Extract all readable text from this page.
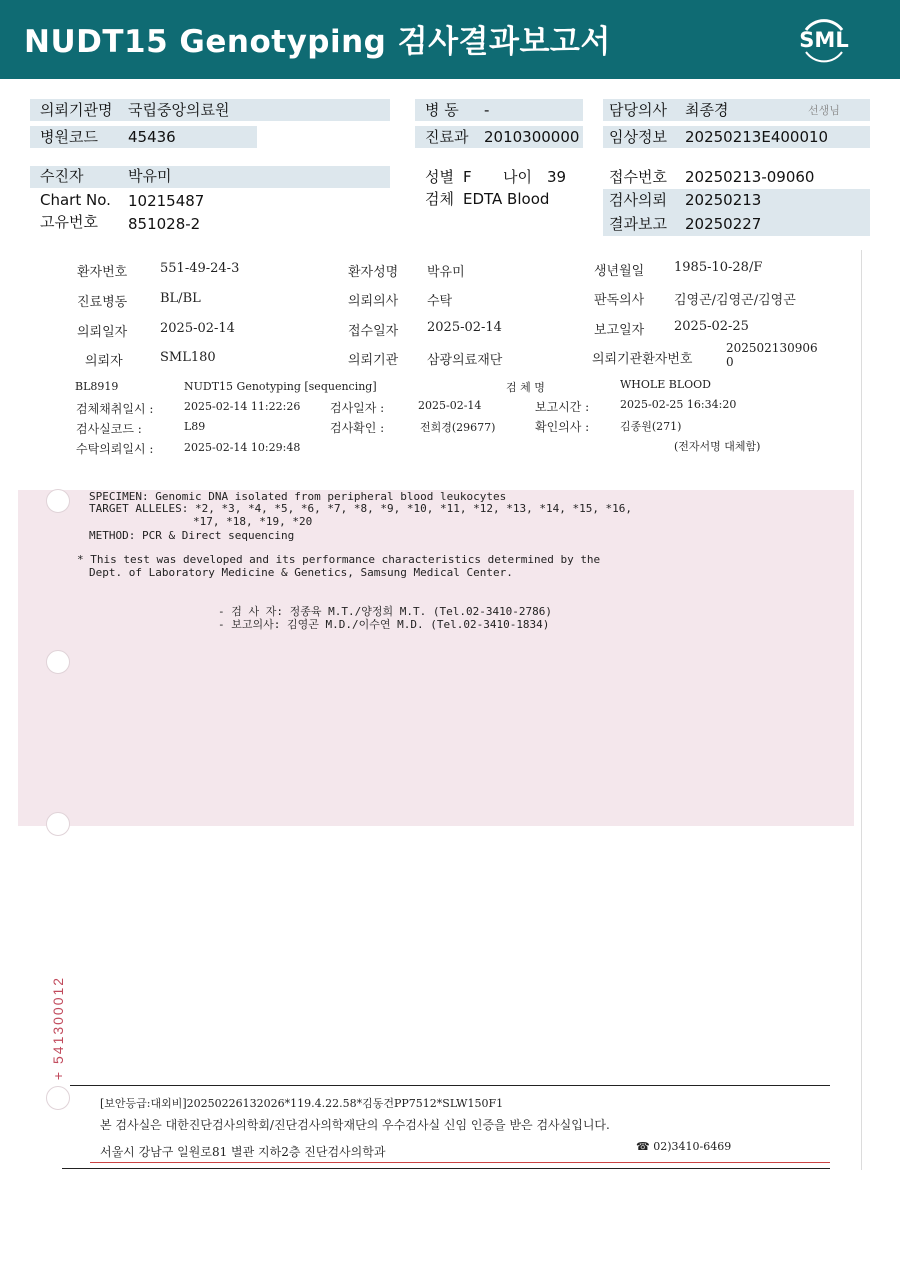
NUDT15 Genotyping 검사결과보고서	SML
의뢰기관명 국립중앙의료원	병 동 -	담당의사 최종경	선생님
병원코드 45436	진료과 2010300000 임상정보 20250213E400010
수진자	박유미	성별 F 나이 39	접수번호 20250213-09060
Chart No. 10215487	검체 EDTA Blood	검사의뢰 20250213
고유번호 851028-2	결과보고 20250227
환자번호	551-49-24-3	환자성명 박유미	생년월일 1985-10-28/F
진료병동	BL/BL	의뢰의사 수탁	판독의사 김영곤/김영곤/김영곤
의뢰일자	2025-02-14	접수일자 2025-02-14	보고일자 2025-02-25
의뢰자	SML180	의뢰기관 삼광의료재단	의뢰기관환자번호
202502130906
0
BL8919	NUDT15 Genotyping [sequencing]	검 체 명	WHOLE BLOOD
검체채취일시 :	2025-02-14 11:22:26 검사일자 :	2025-02-14	보고시간 :	2025-02-25 16:34:20
검사실코드 :	L89	검사확인 :	전희경(29677)	확인의사 :	김종원(271)
수탁의뢰일시 :	2025-02-14 10:29:48	(전자서명 대체함)
SPECIMEN: Genomic DNA isolated from peripheral blood leukocytes
TARGET ALLELES: *2, *3, *4, *5, *6, *7, *8, *9, *10, *11, *12, *13, *14, *15, *16,
*17, *18, *19, *20
METHOD: PCR & Direct sequencing
* This test was developed and its performance characteristics determined by the
Dept. of Laboratory Medicine & Genetics, Samsung Medical Center.
- 검 사 자: 정종육 M.T./양정희 M.T. (Tel.02-3410-2786)
- 보고의사: 김영곤 M.D./이수연 M.D. (Tel.02-3410-1834)
+ 541300012
[보안등급:대외비]20250226132026*119.4.22.58*김동건PP7512*SLW150F1
본 검사실은 대한진단검사의학회/진단검사의학재단의 우수검사실 신임 인증을 받은 검사실입니다.
서울시 강남구 일원로81 별관 지하2층 진단검사의학과	☎ 02)3410-6469
